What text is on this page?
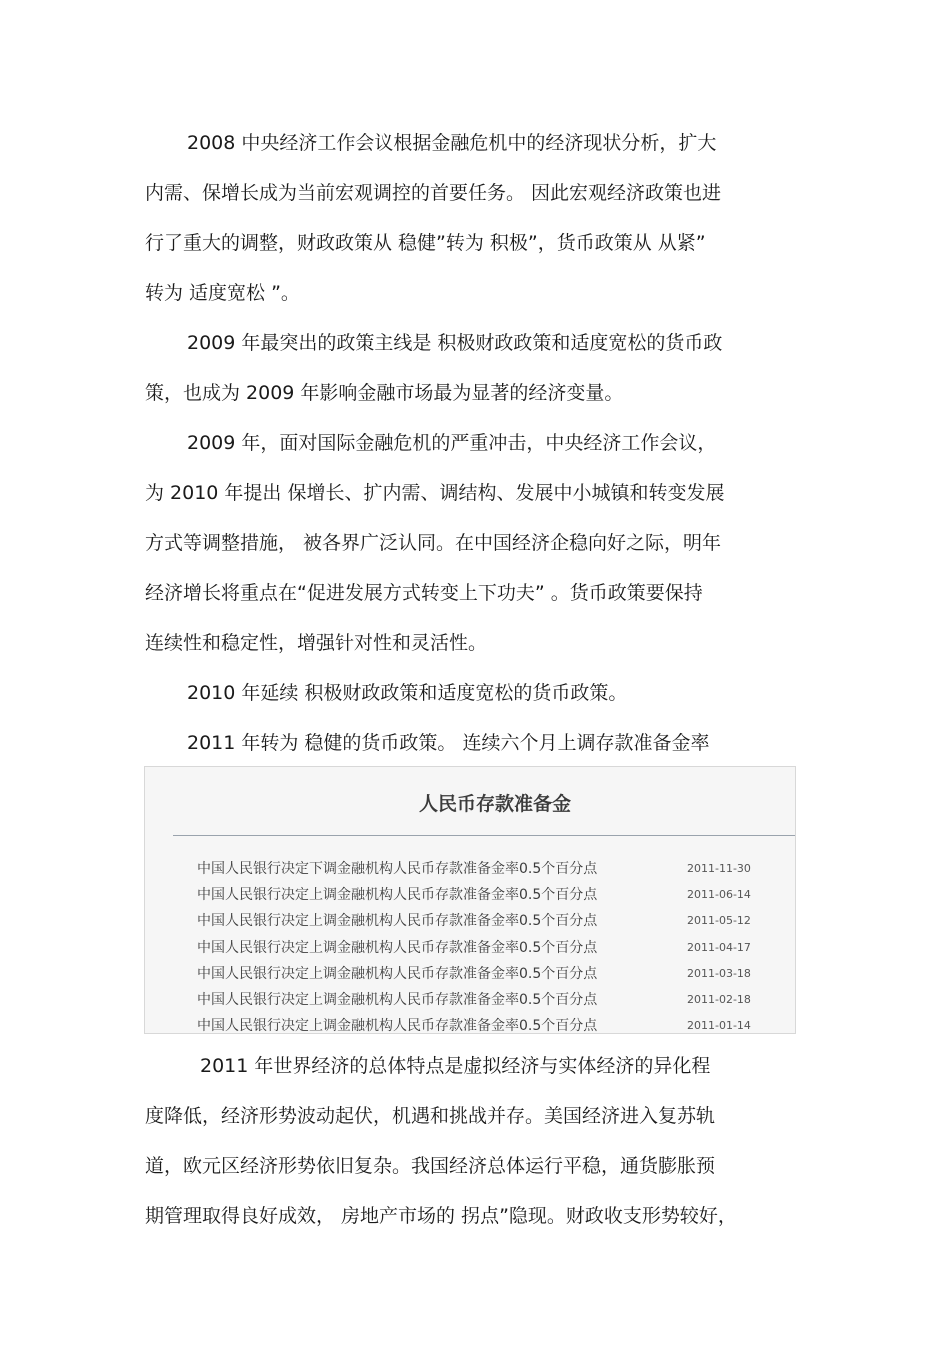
2008 中央经济工作会议根据金融危机中的经济现状分析，扩大
内需、保增长成为当前宏观调控的首要任务。 因此宏观经济政策也进
行了重大的调整，财政政策从 稳健”转为 积极”，货币政策从 从紧”
转为 适度宽松 ”。
2009 年最突出的政策主线是 积极财政政策和适度宽松的货币政
策，也成为 2009 年影响金融市场最为显著的经济变量。
2009 年，面对国际金融危机的严重冲击，中央经济工作会议，
为 2010 年提出 保增长、扩内需、调结构、发展中小城镇和转变发展
方式等调整措施， 被各界广泛认同。在中国经济企稳向好之际，明年
经济增长将重点在“促进发展方式转变上下功夫” 。货币政策要保持
连续性和稳定性，增强针对性和灵活性。
2010 年延续 积极财政政策和适度宽松的货币政策。
2011 年转为 稳健的货币政策。 连续六个月上调存款准备金率
人民币存款准备金
中国人民银行决定下调金融机构人民币存款准备金率0.5个百分点	2011-11-30
中国人民银行决定上调金融机构人民币存款准备金率0.5个百分点	2011-06-14
中国人民银行决定上调金融机构人民币存款准备金率0.5个百分点	2011-05-12
中国人民银行决定上调金融机构人民币存款准备金率0.5个百分点	2011-04-17
中国人民银行决定上调金融机构人民币存款准备金率0.5个百分点	2011-03-18
中国人民银行决定上调金融机构人民币存款准备金率0.5个百分点	2011-02-18
中国人民银行决定上调金融机构人民币存款准备金率0.5个百分点	2011-01-14
2011 年世界经济的总体特点是虚拟经济与实体经济的异化程
度降低，经济形势波动起伏，机遇和挑战并存。美国经济进入复苏轨
道，欧元区经济形势依旧复杂。我国经济总体运行平稳，通货膨胀预
期管理取得良好成效， 房地产市场的 拐点”隐现。财政收支形势较好，
